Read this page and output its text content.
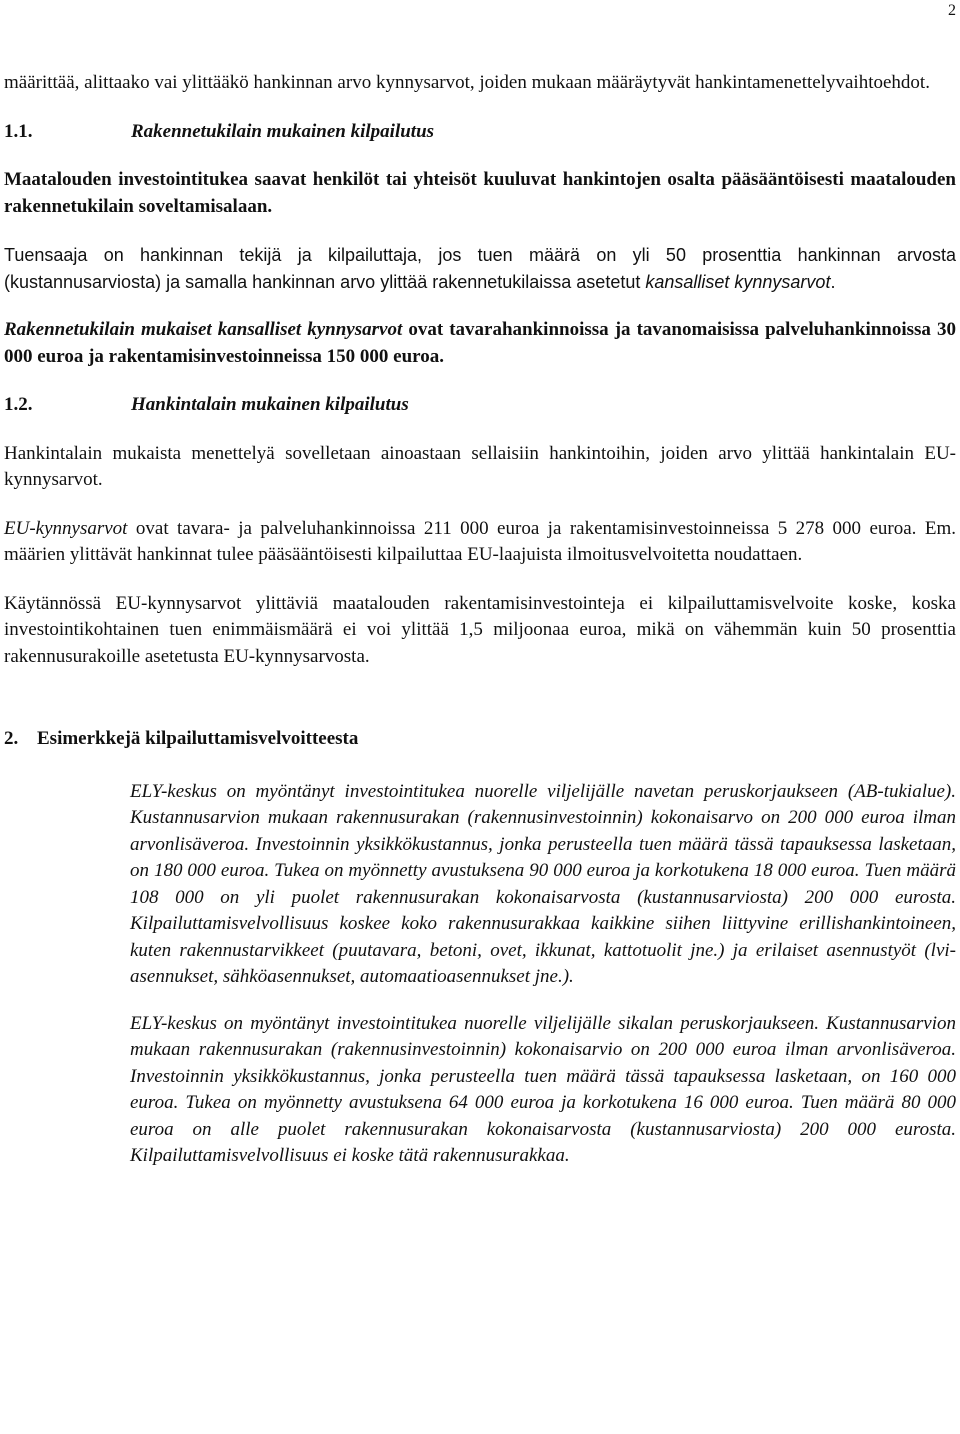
2

määrittää, alittaako vai ylittääkö hankinnan arvo kynnysarvot, joiden mukaan määräytyvät hankintamenettelyvaihtoehdot.

1.1.	Rakennetukilain mukainen kilpailutus

Maatalouden investointitukea saavat henkilöt tai yhteisöt kuuluvat hankintojen osalta pääsääntöisesti maatalouden rakennetukilain soveltamisalaan.

Tuensaaja on hankinnan tekijä ja kilpailuttaja, jos tuen määrä on yli 50 prosenttia hankinnan arvosta (kustannusarviosta) ja samalla hankinnan arvo ylittää rakennetukilaissa asetetut kansalliset kynnysarvot.

Rakennetukilain mukaiset kansalliset kynnysarvot ovat tavarahankinnoissa ja tavanomaisissa palveluhankinnoissa 30 000 euroa ja rakentamisinvestoinneissa 150 000 euroa.

1.2.	Hankintalain mukainen kilpailutus

Hankintalain mukaista menettelyä sovelletaan ainoastaan sellaisiin hankintoihin, joiden arvo ylittää hankintalain EU-kynnysarvot.

EU-kynnysarvot ovat tavara- ja palveluhankinnoissa 211 000 euroa ja rakentamisinvestoinneissa 5 278 000 euroa. Em. määrien ylittävät hankinnat tulee pääsääntöisesti kilpailuttaa EU-laajuista ilmoitusvelvoitetta noudattaen.

Käytännössä EU-kynnysarvot ylittäviä maatalouden rakentamisinvestointeja ei kilpailuttamisvelvoite koske, koska investointikohtainen tuen enimmäismäärä ei voi ylittää 1,5 miljoonaa euroa, mikä on vähemmän kuin 50 prosenttia rakennusurakoille asetetusta EU-kynnysarvosta.

2. Esimerkkejä kilpailuttamisvelvoitteesta

ELY-keskus on myöntänyt investointitukea nuorelle viljelijälle navetan peruskorjaukseen (AB-tukialue). Kustannusarvion mukaan rakennusurakan (rakennusinvestoinnin) kokonaisarvo on 200 000 euroa ilman arvonlisäveroa. Investoinnin yksikkökustannus, jonka perusteella tuen määrä tässä tapauksessa lasketaan, on 180 000 euroa. Tukea on myönnetty avustuksena 90 000 euroa ja korkotukena 18 000 euroa. Tuen määrä 108 000 on yli puolet rakennusurakan kokonaisarvosta (kustannusarviosta) 200 000 eurosta. Kilpailuttamisvelvollisuus koskee koko rakennusurakkaa kaikkine siihen liittyvine erillishankintoineen, kuten rakennustarvikkeet (puutavara, betoni, ovet, ikkunat, kattotuolit jne.) ja erilaiset asennustyöt (lvi-asennukset, sähköasennukset, automaatioasennukset jne.).

ELY-keskus on myöntänyt investointitukea nuorelle viljelijälle sikalan peruskorjaukseen. Kustannusarvion mukaan rakennusurakan (rakennusinvestoinnin) kokonaisarvio on 200 000 euroa ilman arvonlisäveroa. Investoinnin yksikkökustannus, jonka perusteella tuen määrä tässä tapauksessa lasketaan, on 160 000 euroa. Tukea on myönnetty avustuksena 64 000 euroa ja korkotukena 16 000 euroa. Tuen määrä 80 000 euroa on alle puolet rakennusurakan kokonaisarvosta (kustannusarviosta) 200 000 eurosta. Kilpailuttamisvelvollisuus ei koske tätä rakennusurakkaa.
